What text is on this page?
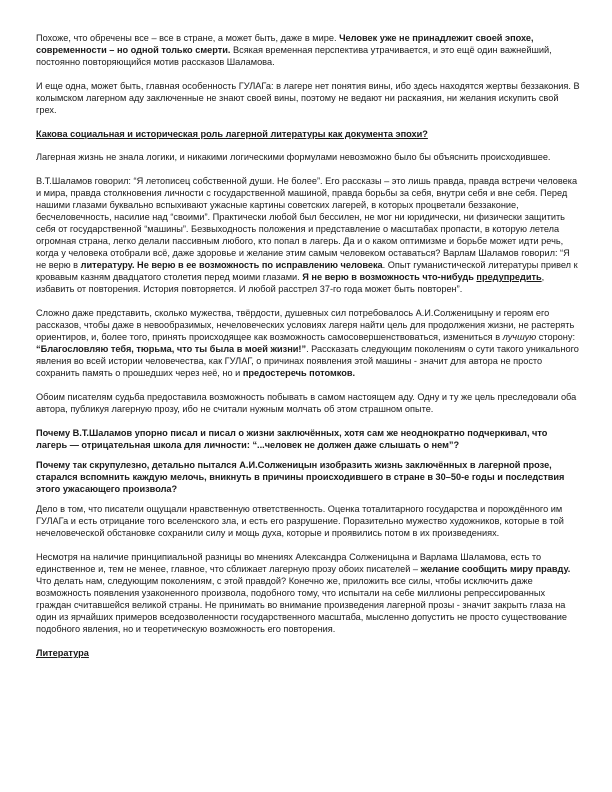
Похоже, что обречены все – все в стране, а может быть, даже в мире. Человек уже не принадлежит своей эпохе, современности – но одной только смерти. Всякая временная перспектива утрачивается, и это ещё один важнейший, постоянно повторяющийся мотив рассказов Шаламова.

И еще одна, может быть, главная особенность ГУЛАГа: в лагере нет понятия вины, ибо здесь находятся жертвы беззакония. В колымском лагерном аду заключенные не знают своей вины, поэтому не ведают ни раскаяния, ни желания искупить свой грех.

Какова социальная и историческая роль лагерной литературы как документа эпохи?

Лагерная жизнь не знала логики, и никакими логическими формулами невозможно было бы объяснить происходившее.

В.Т.Шаламов говорил: “Я летописец собственной души. Не более”. Его рассказы – это лишь правда, правда встречи человека и мира, правда столкновения личности с государственной машиной, правда борьбы за себя, внутри себя и вне себя. Перед нашими глазами буквально вспыхивают ужасные картины советских лагерей, в которых процветали беззаконие, бесчеловечность, насилие над “своими”. Практически любой был бессилен, не мог ни юридически, ни физически защитить себя от государственной “машины”. Безвыходность положения и представление о масштабах пропасти, в которую летела огромная страна, легко делали пассивным любого, кто попал в лагерь. Да и о каком оптимизме и борьбе может идти речь, когда у человека отобрали всё, даже здоровье и желание этим самым человеком оставаться? Варлам Шаламов говорил: “Я не верю в литературу. Не верю в ее возможность по исправлению человека. Опыт гуманистической литературы привел к кровавым казням двадцатого столетия перед моими глазами. Я не верю в возможность что-нибудь предупредить, избавить от повторения. История повторяется. И любой расстрел 37-го года может быть повторен”.

Сложно даже представить, сколько мужества, твёрдости, душевных сил потребовалось А.И.Солженицыну и героям его рассказов, чтобы даже в невообразимых, нечеловеческих условиях лагеря найти цель для продолжения жизни, не растерять ориентиров, и, более того, принять происходящее как возможность самосовершенствоваться, измениться в лучшую сторону: “Благословляю тебя, тюрьма, что ты была в моей жизни!”. Рассказать следующим поколениям о сути такого уникального явления во всей истории человечества, как ГУЛАГ, о причинах появления этой машины - значит для автора не просто сохранить память о прошедших через неё, но и предостеречь потомков.

Обоим писателям судьба предоставила возможность побывать в самом настоящем аду. Одну и ту же цель преследовали оба автора, публикуя лагерную прозу, ибо не считали нужным молчать об этом страшном опыте.

Почему В.Т.Шаламов упорно писал и писал о жизни заключённых, хотя сам же неоднократно подчеркивал, что лагерь — отрицательная школа для личности: “...человек не должен даже слышать о нем”?

Почему так скрупулезно, детально пытался А.И.Солженицын изобразить жизнь заключённых в лагерной прозе, старался вспомнить каждую мелочь, вникнуть в причины происходившего в стране в 30–50-е годы и последствия этого ужасающего произвола?

Дело в том, что писатели ощущали нравственную ответственность. Оценка тоталитарного государства и порождённого им ГУЛАГа и есть отрицание того вселенского зла, и есть его разрушение. Поразительно мужество художников, которые в той нечеловеческой обстановке сохранили силу и мощь духа, которые и проявились потом в их произведениях.

Несмотря на наличие принципиальной разницы во мнениях Александра Солженицына и Варлама Шаламова, есть то единственное и, тем не менее, главное, что сближает лагерную прозу обоих писателей – желание сообщить миру правду. Что делать нам, следующим поколениям, с этой правдой? Конечно же, приложить все силы, чтобы исключить даже возможность появления узаконенного произвола, подобного тому, что испытали на себе миллионы репрессированных граждан считавшейся великой страны. Не принимать во внимание произведения лагерной прозы - значит закрыть глаза на один из ярчайших примеров вседозволенности государственного масштаба, мысленно допустить не просто существование подобного явления, но и теоретическую возможность его повторения.

Литература
